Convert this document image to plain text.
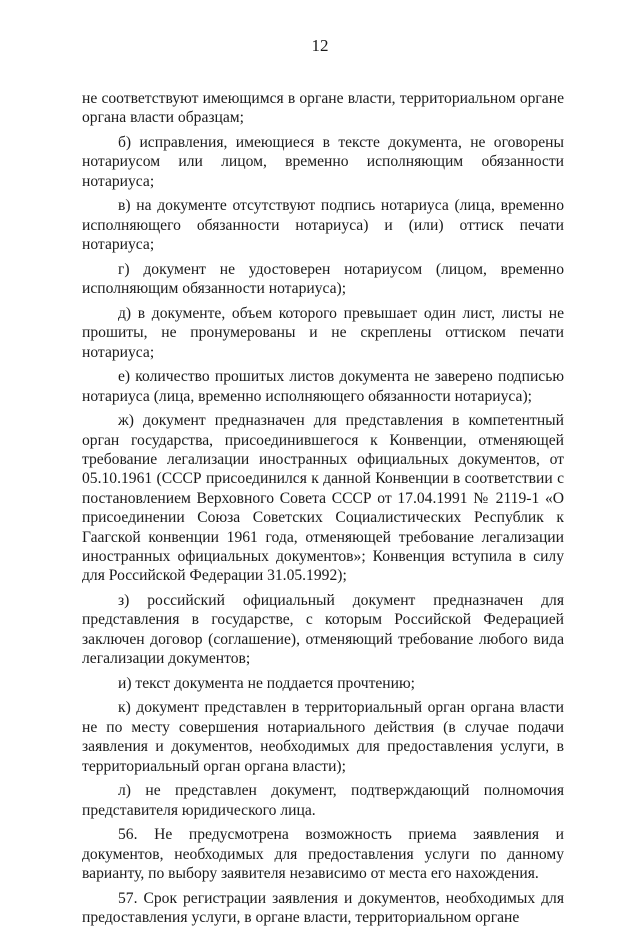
12

не соответствуют имеющимся в органе власти, территориальном органе органа власти образцам;

б) исправления, имеющиеся в тексте документа, не оговорены нотариусом или лицом, временно исполняющим обязанности нотариуса;

в) на документе отсутствуют подпись нотариуса (лица, временно исполняющего обязанности нотариуса) и (или) оттиск печати нотариуса;

г) документ не удостоверен нотариусом (лицом, временно исполняющим обязанности нотариуса);

д) в документе, объем которого превышает один лист, листы не прошиты, не пронумерованы и не скреплены оттиском печати нотариуса;

е) количество прошитых листов документа не заверено подписью нотариуса (лица, временно исполняющего обязанности нотариуса);

ж) документ предназначен для представления в компетентный орган государства, присоединившегося к Конвенции, отменяющей требование легализации иностранных официальных документов, от 05.10.1961 (СССР присоединился к данной Конвенции в соответствии с постановлением Верховного Совета СССР от 17.04.1991 № 2119-1 «О присоединении Союза Советских Социалистических Республик к Гаагской конвенции 1961 года, отменяющей требование легализации иностранных официальных документов»; Конвенция вступила в силу для Российской Федерации 31.05.1992);

з) российский официальный документ предназначен для представления в государстве, с которым Российской Федерацией заключен договор (соглашение), отменяющий требование любого вида легализации документов;

и) текст документа не поддается прочтению;

к) документ представлен в территориальный орган органа власти не по месту совершения нотариального действия (в случае подачи заявления и документов, необходимых для предоставления услуги, в территориальный орган органа власти);

л) не представлен документ, подтверждающий полномочия представителя юридического лица.

56. Не предусмотрена возможность приема заявления и документов, необходимых для предоставления услуги по данному варианту, по выбору заявителя независимо от места его нахождения.

57. Срок регистрации заявления и документов, необходимых для предоставления услуги, в органе власти, территориальном органе
